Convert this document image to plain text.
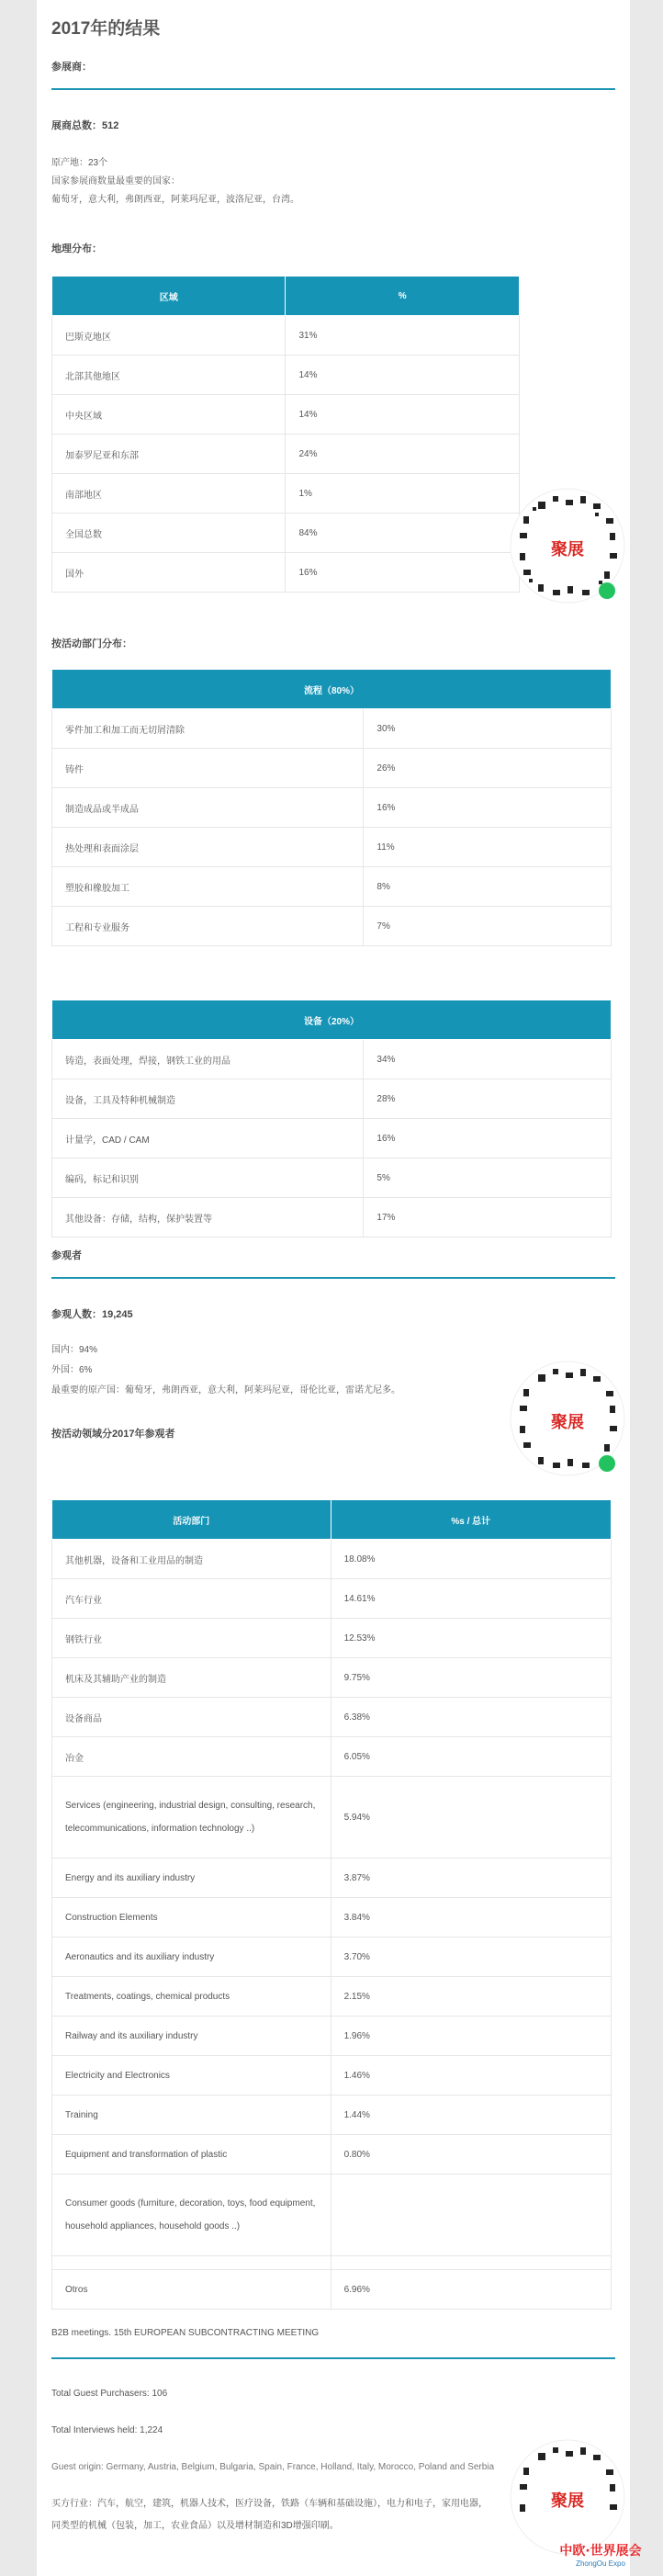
2017年的结果
参展商：
展商总数：512
原产地：23个
国家参展商数量最重要的国家：
葡萄牙，意大利，弗朗西亚，阿莱玛尼亚，波洛尼亚，台湾。
地理分布：
区域	%
巴斯克地区	31%
北部其他地区	14%
中央区域	14%
加泰罗尼亚和东部	24%
南部地区	1%
全国总数	84%
国外	16%
按活动部门分布：
流程（80%）	
零件加工和加工而无切屑清除	30%
铸件	26%
制造成品或半成品	16%
热处理和表面涂层	11%
塑胶和橡胶加工	8%
工程和专业服务	7%
设备（20%）	
铸造，表面处理，焊接，钢铁工业的用品	34%
设备，工具及特种机械制造	28%
计量学，CAD / CAM	16%
编码，标记和识别	5%
其他设备：存储，结构，保护装置等	17%
参观者
参观人数：19,245
国内：94%
外国：6%
最重要的原产国：葡萄牙，弗朗西亚，意大利，阿莱玛尼亚，哥伦比亚，雷诺尤尼多。
按活动领域分2017年参观者
活动部门	%s / 总计
其他机器，设备和工业用品的制造	18.08%
汽车行业	14.61%
钢铁行业	12.53%
机床及其辅助产业的制造	9.75%
设备商品	6.38%
冶金	6.05%
Services (engineering, industrial design, consulting, research, telecommunications, information technology ..)	5.94%
Energy and its auxiliary industry	3.87%
Construction Elements	3.84%
Aeronautics and its auxiliary industry	3.70%
Treatments, coatings, chemical products	2.15%
Railway and its auxiliary industry	1.96%
Electricity and Electronics	1.46%
Training	1.44%
Equipment and transformation of plastic	0.80%
Consumer goods (furniture, decoration, toys, food equipment, household appliances, household goods ..)	

Otros	6.96%
B2B meetings. 15th EUROPEAN SUBCONTRACTING MEETING
Total Guest Purchasers: 106
Total Interviews held: 1,224
Guest origin: Germany, Austria, Belgium, Bulgaria, Spain, France, Holland, Italy, Morocco, Poland and Serbia
买方行业：汽车，航空，建筑，机器人技术，医疗设备，铁路（车辆和基础设施），电力和电子，家用电器，
同类型的机械（包装，加工，农业食品）以及增材制造和3D增强印刷。
聚展
聚展
聚展
中欧·世界展会
ZhongOu Expo
